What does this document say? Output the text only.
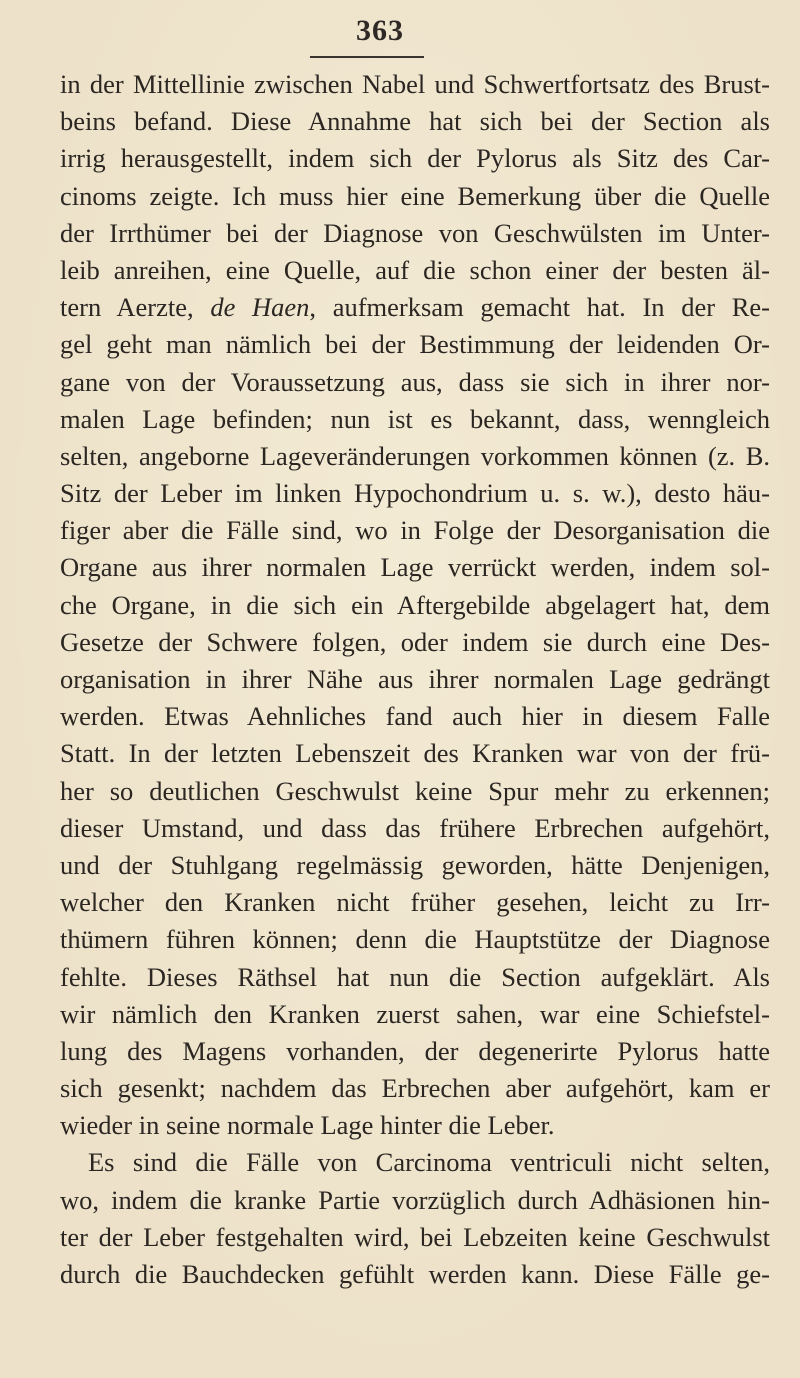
363
in der Mittellinie zwischen Nabel und Schwertfortsatz des Brust-
beins befand. Diese Annahme hat sich bei der Section als
irrig herausgestellt, indem sich der Pylorus als Sitz des Car-
cinoms zeigte. Ich muss hier eine Bemerkung über die Quelle
der Irrthümer bei der Diagnose von Geschwülsten im Unter-
leib anreihen, eine Quelle, auf die schon einer der besten äl-
tern Aerzte, de Haen, aufmerksam gemacht hat. In der Re-
gel geht man nämlich bei der Bestimmung der leidenden Or-
gane von der Voraussetzung aus, dass sie sich in ihrer nor-
malen Lage befinden; nun ist es bekannt, dass, wenngleich
selten, angeborne Lageveränderungen vorkommen können (z. B.
Sitz der Leber im linken Hypochondrium u. s. w.), desto häu-
figer aber die Fälle sind, wo in Folge der Desorganisation die
Organe aus ihrer normalen Lage verrückt werden, indem sol-
che Organe, in die sich ein Aftergebilde abgelagert hat, dem
Gesetze der Schwere folgen, oder indem sie durch eine Des-
organisation in ihrer Nähe aus ihrer normalen Lage gedrängt
werden. Etwas Aehnliches fand auch hier in diesem Falle
Statt. In der letzten Lebenszeit des Kranken war von der frü-
her so deutlichen Geschwulst keine Spur mehr zu erkennen;
dieser Umstand, und dass das frühere Erbrechen aufgehört,
und der Stuhlgang regelmässig geworden, hätte Denjenigen,
welcher den Kranken nicht früher gesehen, leicht zu Irr-
thümern führen können; denn die Hauptstütze der Diagnose
fehlte. Dieses Räthsel hat nun die Section aufgeklärt. Als
wir nämlich den Kranken zuerst sahen, war eine Schiefstel-
lung des Magens vorhanden, der degenerirte Pylorus hatte
sich gesenkt; nachdem das Erbrechen aber aufgehört, kam er
wieder in seine normale Lage hinter die Leber.
Es sind die Fälle von Carcinoma ventriculi nicht selten,
wo, indem die kranke Partie vorzüglich durch Adhäsionen hin-
ter der Leber festgehalten wird, bei Lebzeiten keine Geschwulst
durch die Bauchdecken gefühlt werden kann. Diese Fälle ge-
